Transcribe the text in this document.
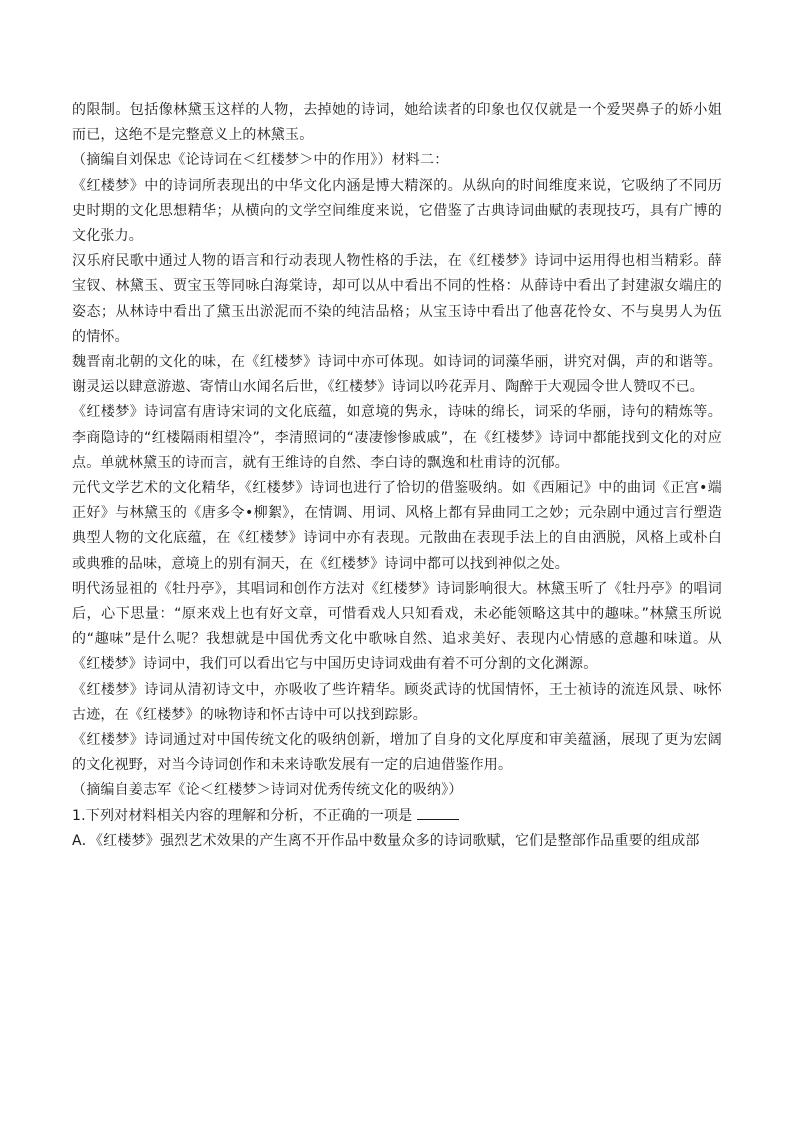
的限制。包括像林黛玉这样的人物，去掉她的诗词，她给读者的印象也仅仅就是一个爱哭鼻子的娇小姐而已，这绝不是完整意义上的林黛玉。

（摘编自刘保忠《论诗词在＜红楼梦＞中的作用》）材料二：

《红楼梦》中的诗词所表现出的中华文化内涵是博大精深的。从纵向的时间维度来说，它吸纳了不同历史时期的文化思想精华；从横向的文学空间维度来说，它借鉴了古典诗词曲赋的表现技巧，具有广博的文化张力。

汉乐府民歌中通过人物的语言和行动表现人物性格的手法，在《红楼梦》诗词中运用得也相当精彩。薛宝钗、林黛玉、贾宝玉等同咏白海棠诗，却可以从中看出不同的性格：从薛诗中看出了封建淑女端庄的姿态；从林诗中看出了黛玉出淤泥而不染的纯洁品格；从宝玉诗中看出了他喜花怜女、不与臭男人为伍的情怀。

魏晋南北朝的文化的味，在《红楼梦》诗词中亦可体现。如诗词的词藻华丽，讲究对偶，声的和谐等。谢灵运以肆意游遨、寄情山水闻名后世，《红楼梦》诗词以吟花弄月、陶醉于大观园令世人赞叹不已。

《红楼梦》诗词富有唐诗宋词的文化底蕴，如意境的隽永，诗味的绵长，词采的华丽，诗句的精炼等。李商隐诗的“红楼隔雨相望冷”，李清照词的“凄凄惨惨戚戚”，在《红楼梦》诗词中都能找到文化的对应点。单就林黛玉的诗而言，就有王维诗的自然、李白诗的飘逸和杜甫诗的沉郁。

元代文学艺术的文化精华，《红楼梦》诗词也进行了恰切的借鉴吸纳。如《西厢记》中的曲词《正宫•端正好》与林黛玉的《唐多令•柳絮》，在情调、用词、风格上都有异曲同工之妙；元杂剧中通过言行塑造典型人物的文化底蕴，在《红楼梦》诗词中亦有表现。元散曲在表现手法上的自由洒脱，风格上或朴白或典雅的品味，意境上的别有洞天，在《红楼梦》诗词中都可以找到神似之处。

明代汤显祖的《牡丹亭》，其唱词和创作方法对《红楼梦》诗词影响很大。林黛玉听了《牡丹亭》的唱词后，心下思量：“原来戏上也有好文章，可惜看戏人只知看戏，未必能领略这其中的趣味。”林黛玉所说的“趣味”是什么呢？我想就是中国优秀文化中歌咏自然、追求美好、表现内心情感的意趣和味道。从《红楼梦》诗词中，我们可以看出它与中国历史诗词戏曲有着不可分割的文化渊源。

《红楼梦》诗词从清初诗文中，亦吸收了些许精华。顾炎武诗的忧国情怀，王士祯诗的流连风景、咏怀古迹，在《红楼梦》的咏物诗和怀古诗中可以找到踪影。

《红楼梦》诗词通过对中国传统文化的吸纳创新，增加了自身的文化厚度和审美蕴涵，展现了更为宏阔的文化视野，对当今诗词创作和未来诗歌发展有一定的启迪借鉴作用。

（摘编自姜志军《论＜红楼梦＞诗词对优秀传统文化的吸纳》）

1.下列对材料相关内容的理解和分析，不正确的一项是

A．《红楼梦》强烈艺术效果的产生离不开作品中数量众多的诗词歌赋，它们是整部作品重要的组成部
